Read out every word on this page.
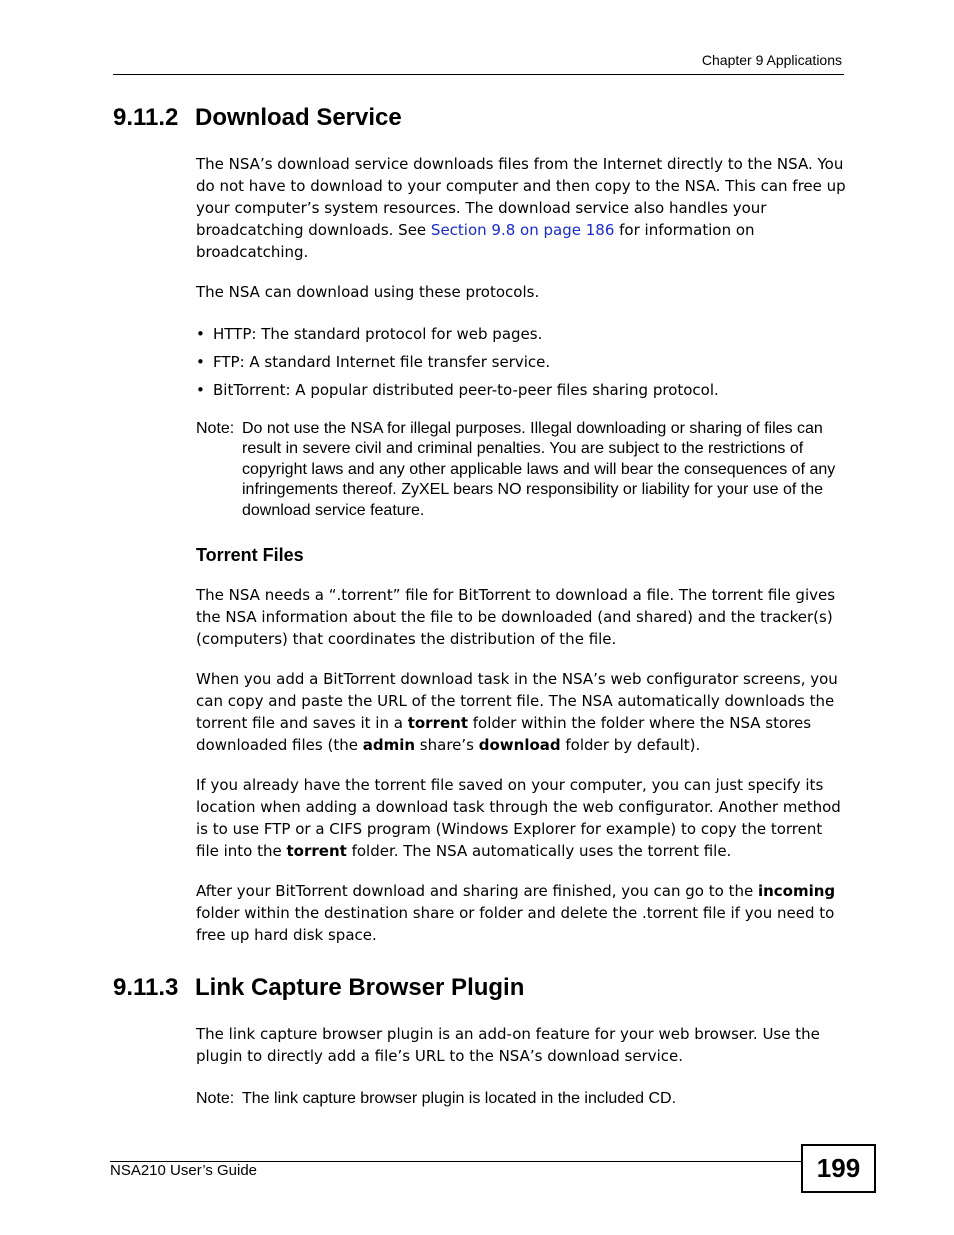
Chapter 9 Applications
9.11.2 Download Service

The NSA’s download service downloads files from the Internet directly to the NSA. You do not have to download to your computer and then copy to the NSA. This can free up your computer’s system resources. The download service also handles your broadcatching downloads. See Section 9.8 on page 186 for information on broadcatching.

The NSA can download using these protocols.
• HTTP: The standard protocol for web pages.
• FTP: A standard Internet file transfer service.
• BitTorrent: A popular distributed peer-to-peer files sharing protocol.
Note: Do not use the NSA for illegal purposes. Illegal downloading or sharing of files can result in severe civil and criminal penalties. You are subject to the restrictions of copyright laws and any other applicable laws and will bear the consequences of any infringements thereof. ZyXEL bears NO responsibility or liability for your use of the download service feature.
Torrent Files
The NSA needs a “.torrent” file for BitTorrent to download a file. The torrent file gives the NSA information about the file to be downloaded (and shared) and the tracker(s) (computers) that coordinates the distribution of the file.

When you add a BitTorrent download task in the NSA’s web configurator screens, you can copy and paste the URL of the torrent file. The NSA automatically downloads the torrent file and saves it in a torrent folder within the folder where the NSA stores downloaded files (the admin share’s download folder by default).

If you already have the torrent file saved on your computer, you can just specify its location when adding a download task through the web configurator. Another method is to use FTP or a CIFS program (Windows Explorer for example) to copy the torrent file into the torrent folder. The NSA automatically uses the torrent file.

After your BitTorrent download and sharing are finished, you can go to the incoming folder within the destination share or folder and delete the .torrent file if you need to free up hard disk space.

9.11.3 Link Capture Browser Plugin
The link capture browser plugin is an add-on feature for your web browser. Use the plugin to directly add a file’s URL to the NSA’s download service.
Note: The link capture browser plugin is located in the included CD.
NSA210 User’s Guide	199
